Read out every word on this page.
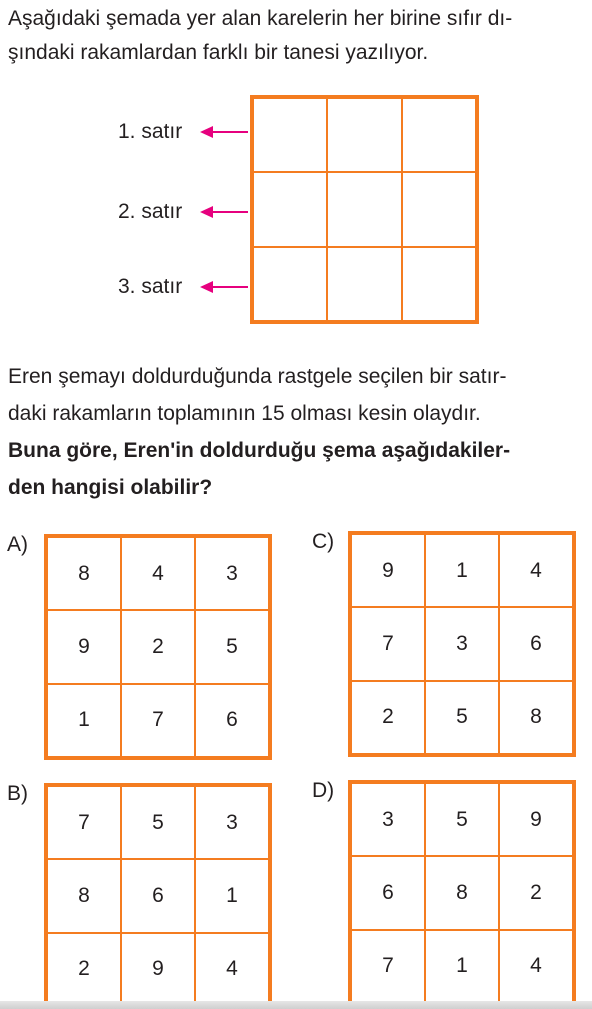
Aşağıdaki şemada yer alan karelerin her birine sıfır dı-
şındaki rakamlardan farklı bir tanesi yazılıyor.

1. satır
2. satır
3. satır

Eren şemayı doldurduğunda rastgele seçilen bir satır-
daki rakamların toplamının 15 olması kesin olaydır.

Buna göre, Eren'in doldurduğu şema aşağıdakiler-
den hangisi olabilir?

A)
8	4	3
9	2	5
1	7	6
B)
7	5	3
8	6	1
2	9	4
C)
9	1	4
7	3	6
2	5	8
D)
3	5	9
6	8	2
7	1	4
